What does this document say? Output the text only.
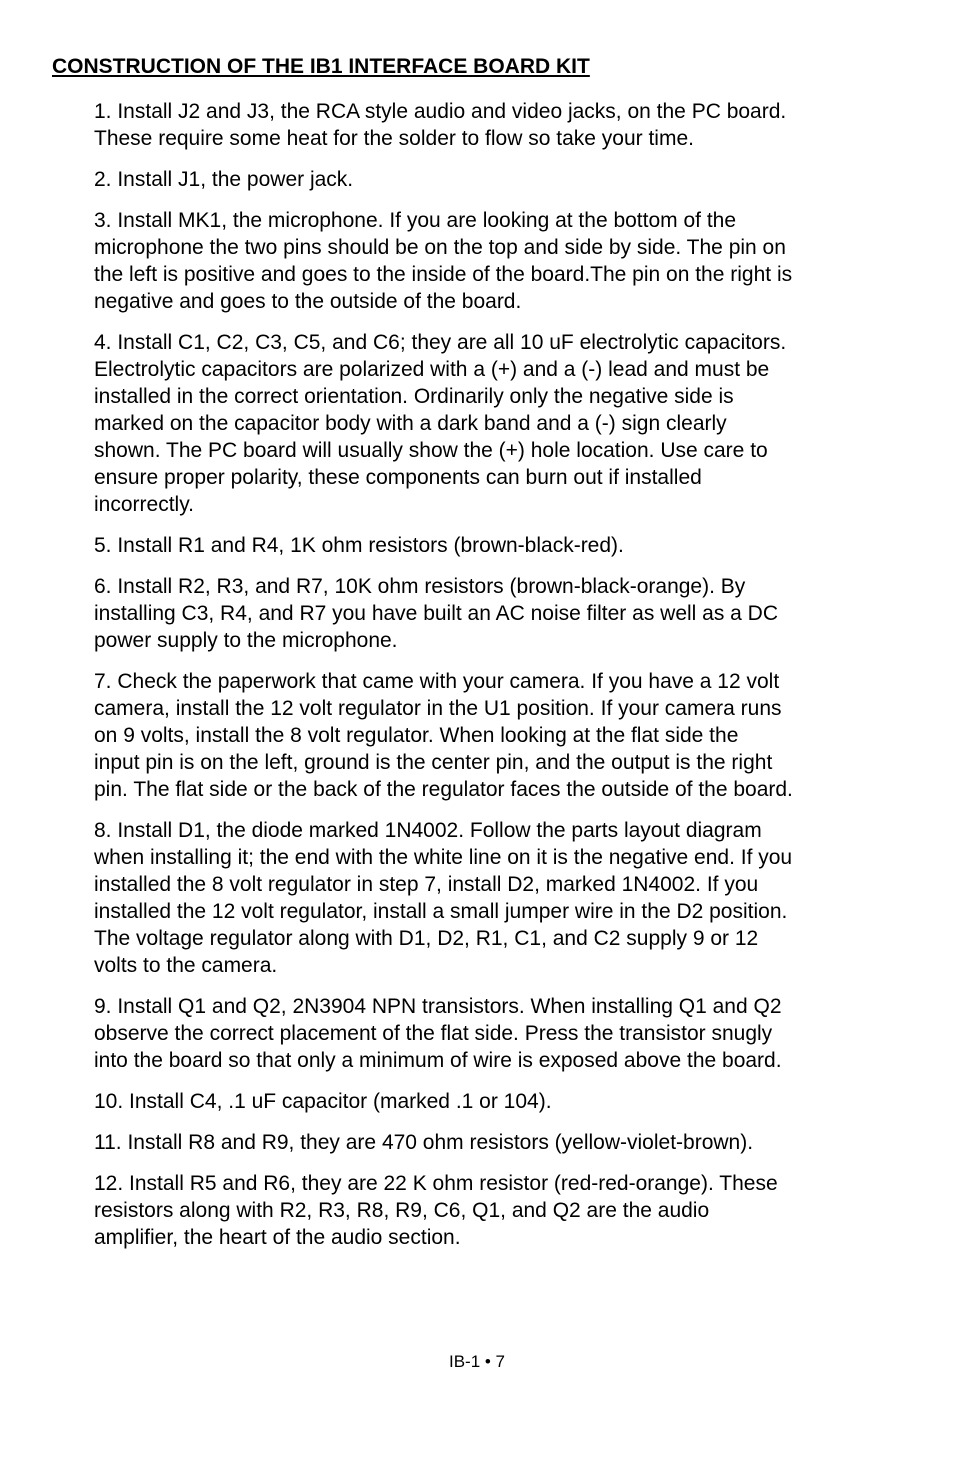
CONSTRUCTION OF THE IB1 INTERFACE BOARD KIT

1. Install J2 and J3, the RCA style audio and video jacks, on the PC board.
These require some heat for the solder to flow so take your time.

2. Install J1, the power jack.

3. Install MK1, the microphone. If you are looking at the bottom of the
microphone the two pins should be on the top and side by side. The pin on
the left is positive and goes to the inside of the board.The pin on the right is
negative and goes to the outside of the board.

4. Install C1, C2, C3, C5, and C6; they are all 10 uF electrolytic capacitors.
Electrolytic capacitors are polarized with a (+) and a (-) lead and must be
installed in the correct orientation. Ordinarily only the negative side is
marked on the capacitor body with a dark band and a (-) sign clearly
shown. The PC board will usually show the (+) hole location. Use care to
ensure proper polarity, these components can burn out if installed
incorrectly.

5. Install R1 and R4, 1K ohm resistors (brown-black-red).

6. Install R2, R3, and R7, 10K ohm resistors (brown-black-orange). By
installing C3, R4, and R7 you have built an AC noise filter as well as a DC
power supply to the microphone.

7. Check the paperwork that came with your camera. If you have a 12 volt
camera, install the 12 volt regulator in the U1 position. If your camera runs
on 9 volts, install the 8 volt regulator. When looking at the flat side the
input pin is on the left, ground is the center pin, and the output is the right
pin. The flat side or the back of the regulator faces the outside of the board.

8. Install D1, the diode marked 1N4002. Follow the parts layout diagram
when installing it; the end with the white line on it is the negative end. If you
installed the 8 volt regulator in step 7, install D2, marked 1N4002. If you
installed the 12 volt regulator, install a small jumper wire in the D2 position.
The voltage regulator along with D1, D2, R1, C1, and C2 supply 9 or 12
volts to the camera.

9. Install Q1 and Q2, 2N3904 NPN transistors. When installing Q1 and Q2
observe the correct placement of the flat side. Press the transistor snugly
into the board so that only a minimum of wire is exposed above the board.

10. Install C4, .1 uF capacitor (marked .1 or 104).

11. Install R8 and R9, they are 470 ohm resistors (yellow-violet-brown).

12. Install R5 and R6, they are 22 K ohm resistor (red-red-orange). These
resistors along with R2, R3, R8, R9, C6, Q1, and Q2 are the audio
amplifier, the heart of the audio section.

IB-1 • 7
